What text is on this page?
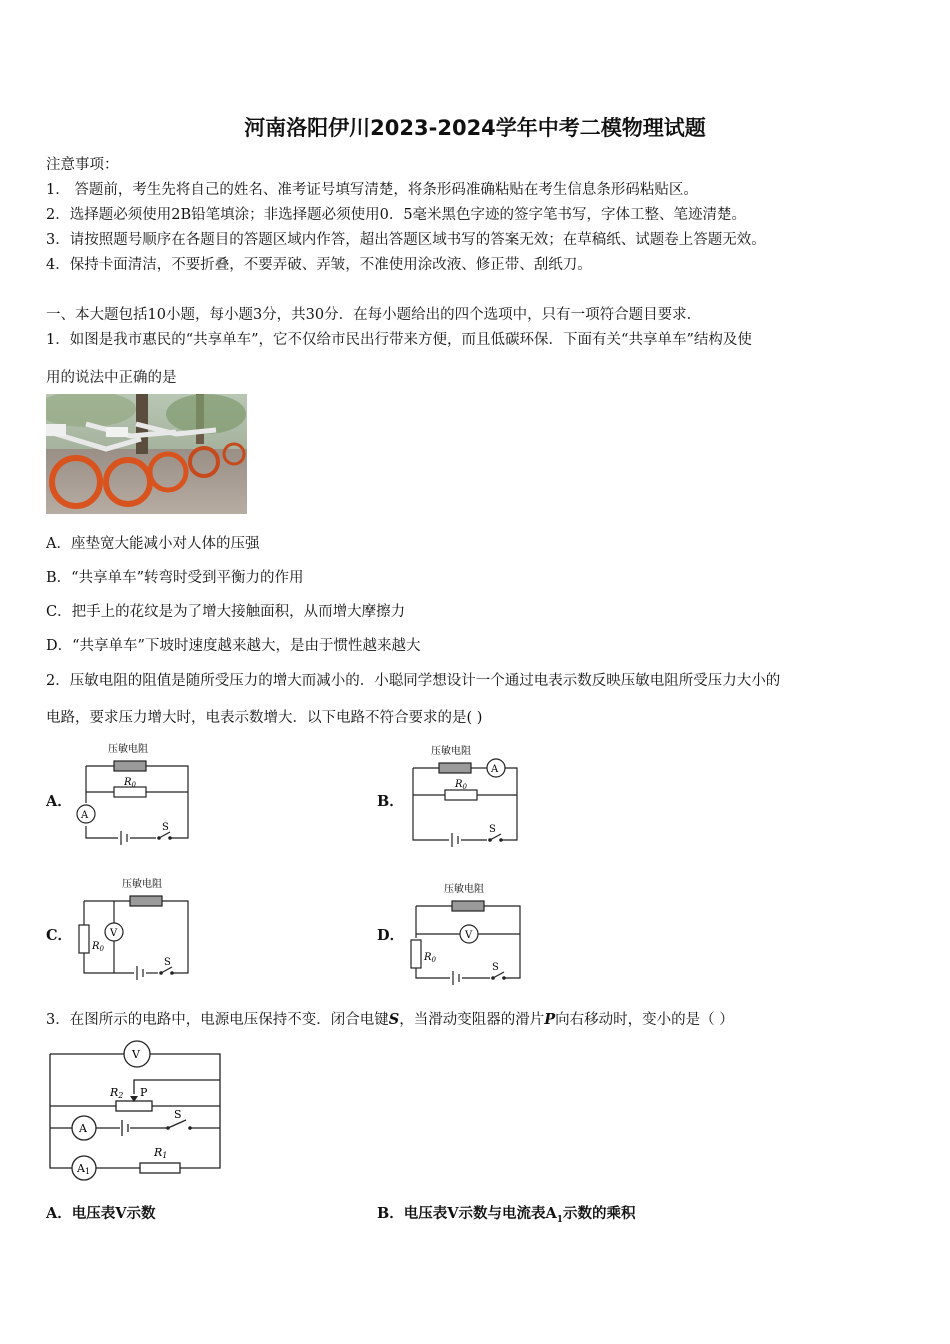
河南洛阳伊川2023-2024学年中考二模物理试题
注意事项：
1． 答题前，考生先将自己的姓名、准考证号填写清楚，将条形码准确粘贴在考生信息条形码粘贴区。
2．选择题必须使用2B铅笔填涂；非选择题必须使用0．5毫米黑色字迹的签字笔书写，字体工整、笔迹清楚。
3．请按照题号顺序在各题目的答题区域内作答，超出答题区域书写的答案无效；在草稿纸、试题卷上答题无效。
4．保持卡面清洁，不要折叠，不要弄破、弄皱，不准使用涂改液、修正带、刮纸刀。
一、本大题包括10小题，每小题3分，共30分．在每小题给出的四个选项中，只有一项符合题目要求．
1．如图是我市惠民的“共享单车”，它不仅给市民出行带来方便，而且低碳环保．下面有关“共享单车”结构及使
用的说法中正确的是
A．座垫宽大能减小对人体的压强
B．“共享单车”转弯时受到平衡力的作用
C．把手上的花纹是为了增大接触面积，从而增大摩擦力
D．“共享单车”下坡时速度越来越大，是由于惯性越来越大
2．压敏电阻的阻值是随所受压力的增大而减小的．小聪同学想设计一个通过电表示数反映压敏电阻所受压力大小的
电路，要求压力增大时，电表示数增大．以下电路不符合要求的是( )
A．	B．
C．	D．
压敏电阻
$R_0$
A
S
压敏电阻
$R_0$
A
S
压敏电阻
$R_0$
V
S
压敏电阻
$R_0$
V
S
3．在图所示的电路中，电源电压保持不变．闭合电键S，当滑动变阻器的滑片P向右移动时，变小的是（ ）
V
R2 P
A
A1
R1
S
A．电压表V示数	B．电压表V示数与电流表$A_1$示数的乘积
